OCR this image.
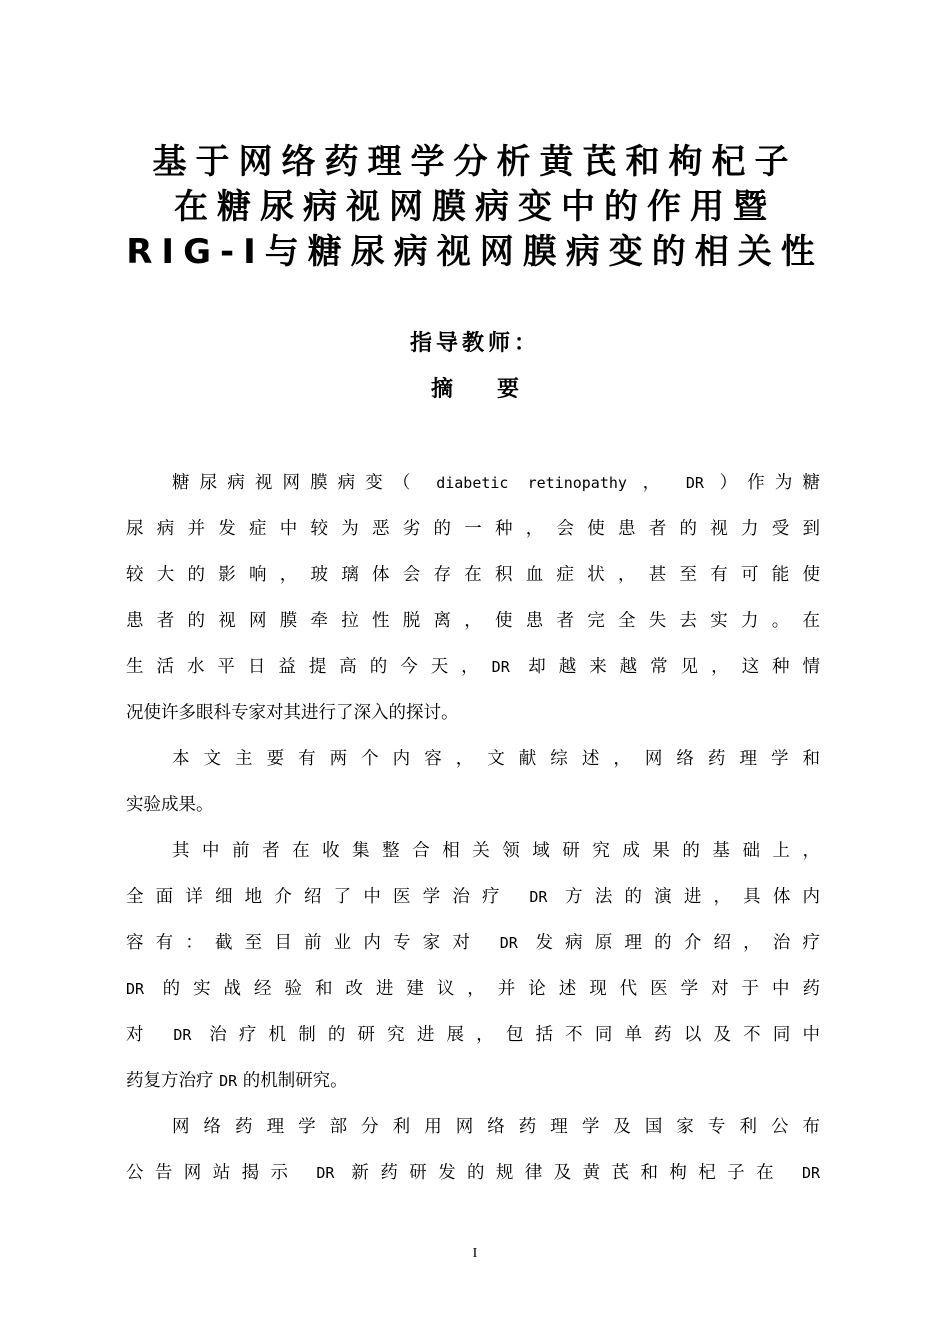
基于网络药理学分析黄芪和枸杞子
在糖尿病视网膜病变中的作用暨
RIG-I与糖尿病视网膜病变的相关性
指导教师：
摘 要

糖尿病视网膜病变（ diabetic retinopathy ， DR ）作为糖
尿病并发症中较为恶劣的一种，会使患者的视力受到
较大的影响，玻璃体会存在积血症状，甚至有可能使
患者的视网膜牵拉性脱离，使患者完全失去实力。在
生活水平日益提高的今天，DR 却越来越常见，这种情
况使许多眼科专家对其进行了深入的探讨。

本文主要有两个内容，文献综述，网络药理学和
实验成果。

其中前者在收集整合相关领域研究成果的基础上，
全面详细地介绍了中医学治疗 DR 方法的演进，具体内
容有：截至目前业内专家对 DR 发病原理的介绍，治疗
DR 的实战经验和改进建议，并论述现代医学对于中药
对 DR 治疗机制的研究进展，包括不同单药以及不同中
药复方治疗 DR 的机制研究。

网络药理学部分利用网络药理学及国家专利公布
公告网站揭示 DR 新药研发的规律及黄芪和枸杞子在 DR

I
